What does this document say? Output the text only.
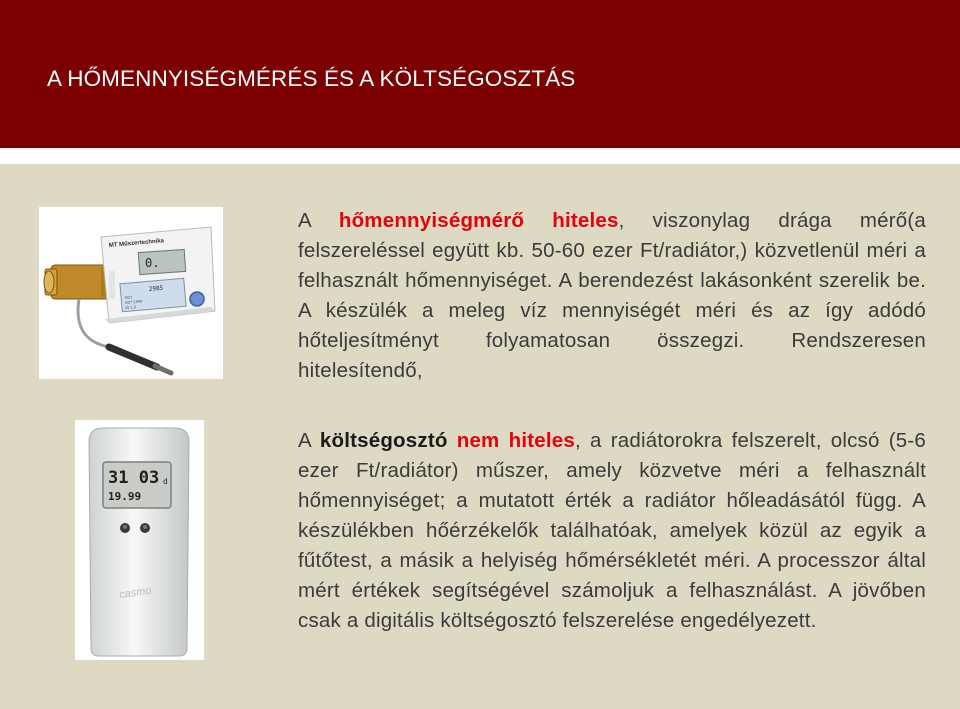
A HŐMENNYISÉGMÉRÉS ÉS A KÖLTSÉGOSZTÁS
0.
MT Műszertechnika
2985
M27
HDT 1990
15 1,5
31 03 d
19.99
casmo

A hőmennyiségmérő hiteles, viszonylag drága mérő(a felszereléssel együtt kb. 50-60 ezer Ft/radiátor,) közvetlenül méri a felhasznált hőmennyiséget. A berendezést lakásonként szerelik be. A készülék a meleg víz mennyiségét méri és az így adódó hőteljesítményt folyamatosan összegzi. Rendszeresen hitelesítendő,

A költségosztó nem hiteles, a radiátorokra felszerelt, olcsó (5-6 ezer Ft/radiátor) műszer, amely közvetve méri a felhasznált hőmennyiséget; a mutatott érték a radiátor hőleadásától függ. A készülékben hőérzékelők találhatóak, amelyek közül az egyik a fűtőtest, a másik a helyiség hőmérsékletét méri. A processzor által mért értékek segítségével számoljuk a felhasználást. A jövőben csak a digitális költségosztó felszerelése engedélyezett.
